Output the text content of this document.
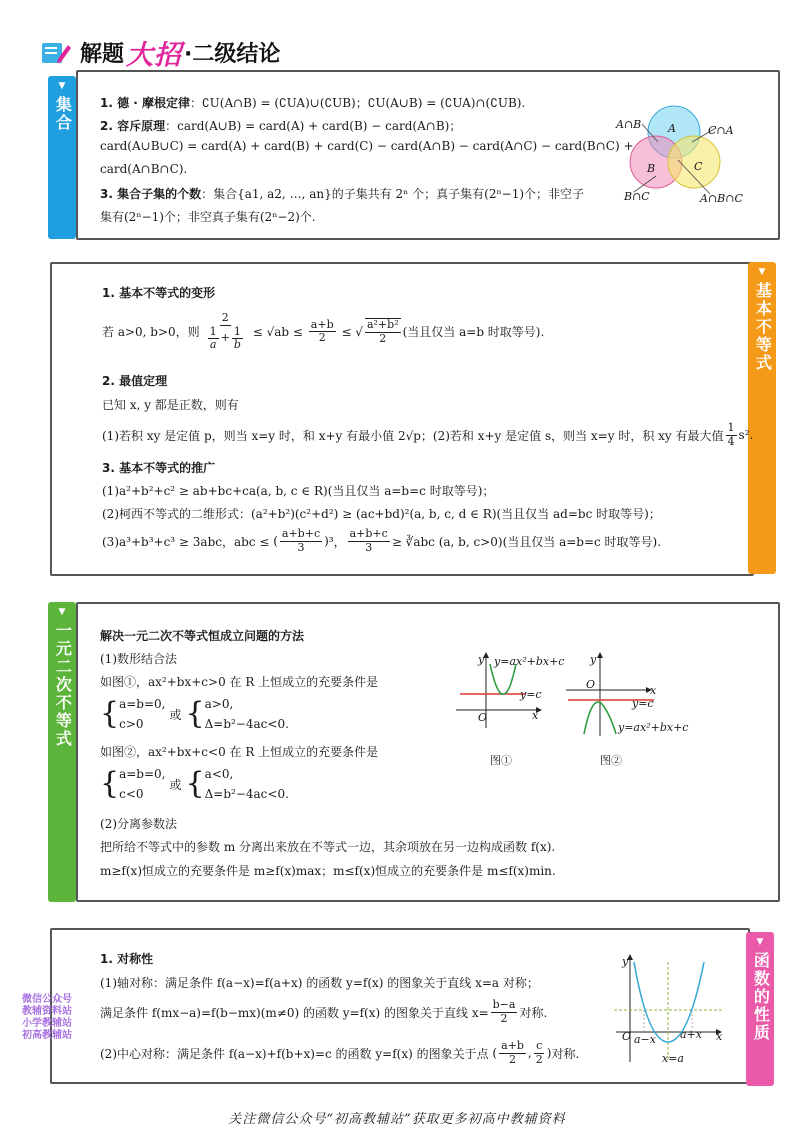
解题 大招 ·二级结论
▼
集合 1. 德 · 摩根定律：∁U(A∩B) = (∁UA)∪(∁UB)；∁U(A∪B) = (∁UA)∩(∁UB).
2. 容斥原理：card(A∪B) = card(A) + card(B) − card(A∩B)；
card(A∪B∪C) = card(A) + card(B) + card(C) − card(A∩B) − card(A∩C) − card(B∩C) +
card(A∩B∩C).
3. 集合子集的个数：集合{a1, a2, …, an}的子集共有 2ⁿ 个；真子集有(2ⁿ−1)个；非空子
集有(2ⁿ−1)个；非空真子集有(2ⁿ−2)个.
A∩B A	C∩A
B	C
B∩C	A∩B∩C
▼
基本不等式
1. 基本不等式的变形
若 a>0, b>0，则 $\frac{2}{\frac{1}{a} + \frac{1}{b}} \le √ab \le \frac{a+b}{2}$ ≤ √ $\frac{\text{a²+b²}}{2}$ (当且仅当 a=b 时取等号).
2. 最值定理
已知 x, y 都是正数，则有
(1)若积 xy 是定值 p，则当 x=y 时，和 x+y 有最小值 2√p；(2)若和 x+y 是定值 s，则当 x=y 时，积 xy 有最大值 $\frac{1}{4} s^2$.
3. 基本不等式的推广
(1)a²+b²+c² ≥ ab+bc+ca(a, b, c ∈ R)(当且仅当 a=b=c 时取等号)；
(2)柯西不等式的二维形式：(a²+b²)(c²+d²) ≥ (ac+bd)²(a, b, c, d ∈ R)(当且仅当 ad=bc 时取等号)；
(3)a³+b³+c³ ≥ 3abc，abc ≤ ( $\frac{a+b+c}{3}$ ) ³， $\frac{a+b+c}{3}$ ≥ ∛abc (a, b, c>0)(当且仅当 a=b=c 时取等号).
▼
一元二次不等式 解决一元二次不等式恒成立问题的方法
(1)数形结合法
如图①，ax²+bx+c>0 在 R 上恒成立的充要条件是
{ a=b=0,
c>0
或 { a>0,
Δ=b²−4ac<0.
如图②，ax²+bx+c<0 在 R 上恒成立的充要条件是
{ a=b=0,
c<0
或 { a<0,
Δ=b²−4ac<0.
(2)分离参数法
把所给不等式中的参数 m 分离出来放在不等式一边，其余项放在另一边构成函数 f(x).
m≥f(x)恒成立的充要条件是 m≥f(x)max；m≤f(x)恒成立的充要条件是 m≤f(x)min.
y y=ax²+bx+c
y=c
O	x
图①
y
O	x
y=c
y=ax²+bx+c
图②
▼
函数的性质
1. 对称性
(1)轴对称：满足条件 f(a−x)=f(a+x) 的函数 y=f(x) 的图象关于直线 x=a 对称；
满足条件 f(mx−a)=f(b−mx)(m≠0) 的函数 y=f(x) 的图象关于直线 $x= \frac{b-a}{2}$ 对称.
(2)中心对称：满足条件 f(a−x)+f(b+x)=c 的函数 y=f(x) 的图象关于点 ( $\frac{a+b}{2}$ , $\frac{c}{2}$ ) 对称.
y
O	x
a−x a+x
x=a
微信公众号
教辅资料站
小学教辅站
初高教辅站
关注微信公众号“初高教辅站”获取更多初高中教辅资料
